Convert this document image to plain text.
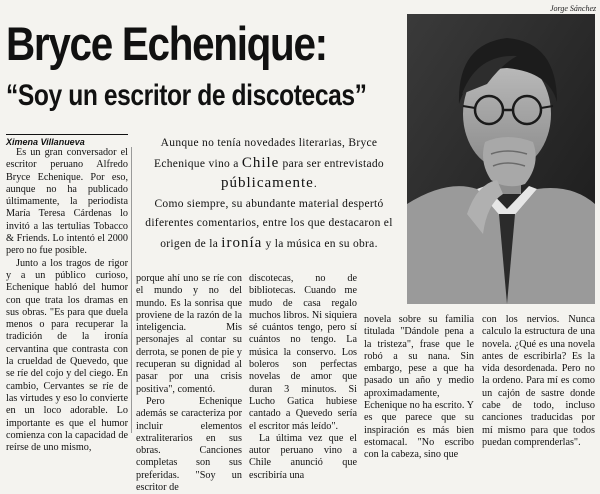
Bryce Echenique:
“Soy un escritor de discotecas”
Jorge Sánchez
Ximena Villanueva	Aunque no tenía novedades literarias, Bryce Echenique vino a Chile para ser entrevistado públicamente.
Como siempre, su abundante material despertó diferentes comentarios, entre los que destacaron el origen de la ironía y la música en su obra.

Es un gran conversador el escritor peruano Alfredo Bryce Echenique. Por eso, aunque no ha publicado últimamente, la periodista María Teresa Cárdenas lo invitó a las tertulias Tobacco & Friends. Lo intentó el 2000 pero no fue posible.

Junto a los tragos de rigor y a un público curioso, Echenique habló del humor con que trata los dramas en sus obras. "Es para que duela menos o para recuperar la tradición de la ironía cervantina que contrasta con la crueldad de Quevedo, que se ríe del cojo y del ciego. En cambio, Cervantes se ríe de las virtudes y eso lo convierte en un loco adorable. Lo importante es que el humor comienza con la capacidad de reírse de uno mismo,

porque ahí uno se ríe con el mundo y no del mundo. Es la sonrisa que proviene de la razón de la inteligencia. Mis personajes al contar su derrota, se ponen de pie y recuperan su dignidad al pasar por una crisis positiva", comentó.

Pero Echenique además se caracteriza por incluir elementos extraliterarios en sus obras. Canciones completas son sus preferidas. "Soy un escritor de

discotecas, no de bibliotecas. Cuando me mudo de casa regalo muchos libros. Ni siquiera sé cuántos tengo, pero sí cuántos no tengo. La música la conservo. Los boleros son perfectas novelas de amor que duran 3 minutos. Si Lucho Gatica hubiese cantado a Quevedo sería el escritor más leído".

La última vez que el autor peruano vino a Chile anunció que escribiría una

novela sobre su familia titulada "Dándole pena a la tristeza", frase que le robó a su nana. Sin embargo, pese a que ha pasado un año y medio aproximadamente, Echenique no ha escrito. Y es que parece que su inspiración es más bien estomacal. "No escribo con la cabeza, sino que

con los nervios. Nunca calculo la estructura de una novela. ¿Qué es una novela antes de escribirla? Es la vida desordenada. Pero no la ordeno. Para mí es como un cajón de sastre donde cabe de todo, incluso canciones traducidas por mí mismo para que todos puedan comprenderlas".
